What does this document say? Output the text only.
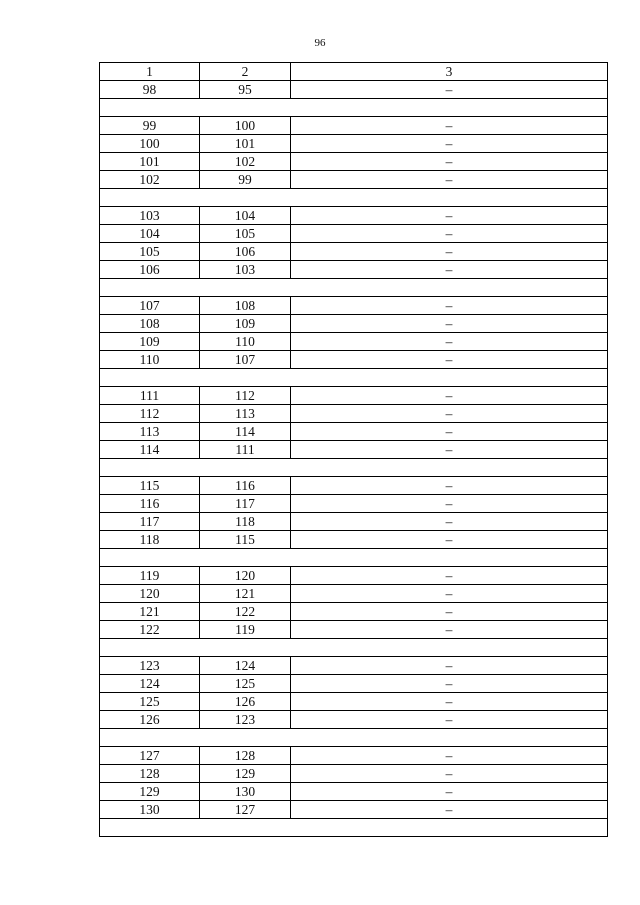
96
1	2	3
98	95	–

99	100	–
100	101	–
101	102	–
102	99	–

103	104	–
104	105	–
105	106	–
106	103	–

107	108	–
108	109	–
109	110	–
110	107	–

111	112	–
112	113	–
113	114	–
114	111	–

115	116	–
116	117	–
117	118	–
118	115	–

119	120	–
120	121	–
121	122	–
122	119	–

123	124	–
124	125	–
125	126	–
126	123	–

127	128	–
128	129	–
129	130	–
130	127	–
